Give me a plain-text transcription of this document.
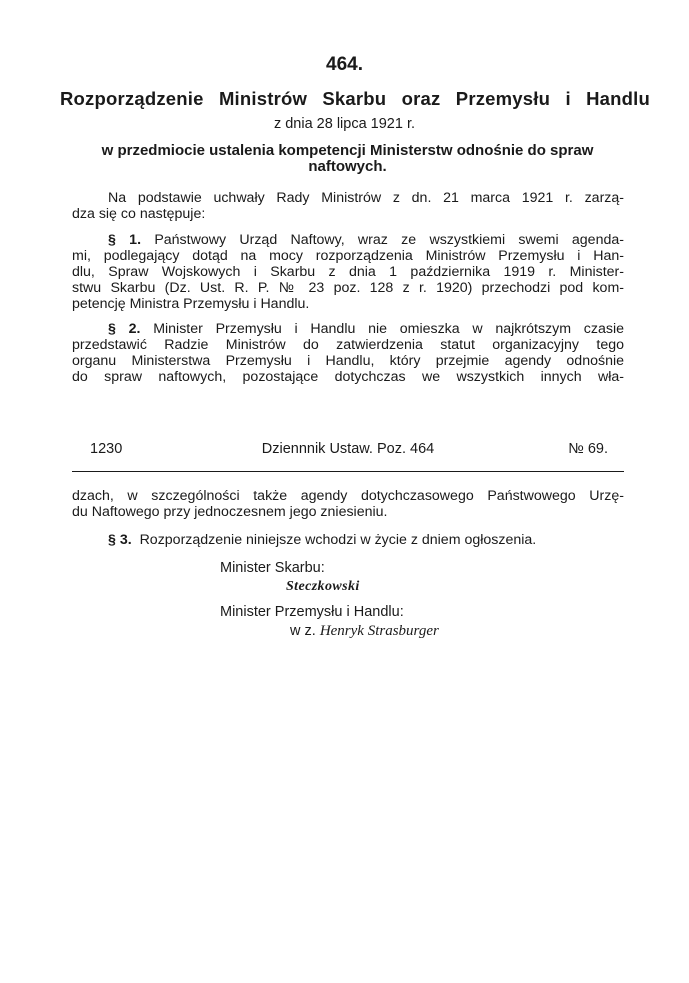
464.
Rozporządzenie Ministrów Skarbu oraz Przemysłu i Handlu
z dnia 28 lipca 1921 r.
w przedmiocie ustalenia kompetencji Ministerstw odnośnie do spraw
naftowych.
Na podstawie uchwały Rady Ministrów z dn. 21 marca 1921 r. zarzą-
dza się co następuje:
§ 1. Państwowy Urząd Naftowy, wraz ze wszystkiemi swemi agenda-
mi, podlegający dotąd na mocy rozporządzenia Ministrów Przemysłu i Han-
dlu, Spraw Wojskowych i Skarbu z dnia 1 października 1919 r. Minister-
stwu Skarbu (Dz. Ust. R. P. № 23 poz. 128 z r. 1920) przechodzi pod kom-
petencję Ministra Przemysłu i Handlu.
§ 2. Minister Przemysłu i Handlu nie omieszka w najkrótszym czasie
przedstawić Radzie Ministrów do zatwierdzenia statut organizacyjny tego
organu Ministerstwa Przemysłu i Handlu, który przejmie agendy odnośnie
do spraw naftowych, pozostające dotychczas we wszystkich innych wła-
1230	Dziennnik Ustaw. Poz. 464	№ 69.
dzach, w szczególności także agendy dotychczasowego Państwowego Urzę-
du Naftowego przy jednoczesnem jego zniesieniu.
§ 3. Rozporządzenie niniejsze wchodzi w życie z dniem ogłoszenia.
Minister Skarbu:
Steczkowski
Minister Przemysłu i Handlu:
w z. Henryk Strasburger
